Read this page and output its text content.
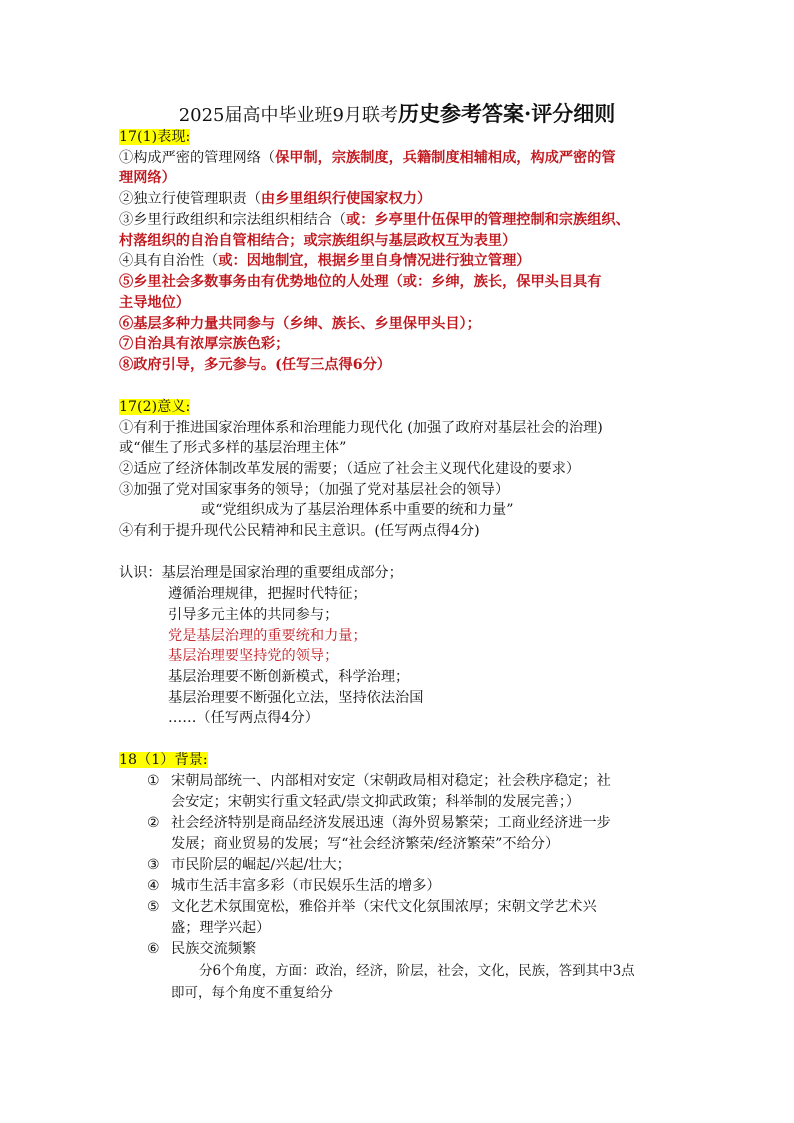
2025届高中毕业班9月联考历史参考答案·评分细则
17(1)表现:
①构成严密的管理网络（保甲制，宗族制度，兵籍制度相辅相成，构成严密的管
理网络）
②独立行使管理职责（由乡里组织行使国家权力）
③乡里行政组织和宗法组织相结合（或：乡亭里什伍保甲的管理控制和宗族组织、
村落组织的自治自管相结合；或宗族组织与基层政权互为表里）
④具有自治性（或：因地制宜，根据乡里自身情况进行独立管理）
⑤乡里社会多数事务由有优势地位的人处理（或：乡绅，族长，保甲头目具有
主导地位）
⑥基层多种力量共同参与（乡绅、族长、乡里保甲头目）；
⑦自治具有浓厚宗族色彩；
⑧政府引导，多元参与。(任写三点得6分）
17(2)意义:
①有利于推进国家治理体系和治理能力现代化 (加强了政府对基层社会的治理)
或“催生了形式多样的基层治理主体”
②适应了经济体制改革发展的需要；（适应了社会主义现代化建设的要求）
③加强了党对国家事务的领导；（加强了党对基层社会的领导）
或“党组织成为了基层治理体系中重要的统和力量”
④有利于提升现代公民精神和民主意识。(任写两点得4分)
认识：基层治理是国家治理的重要组成部分；
遵循治理规律，把握时代特征；
引导多元主体的共同参与；
党是基层治理的重要统和力量；
基层治理要坚持党的领导；
基层治理要不断创新模式，科学治理；
基层治理要不断强化立法，坚持依法治国
……（任写两点得4分）
18（1）背景:
① 宋朝局部统一、内部相对安定（宋朝政局相对稳定；社会秩序稳定；社
会安定；宋朝实行重文轻武/崇文抑武政策；科举制的发展完善；）
② 社会经济特别是商品经济发展迅速（海外贸易繁荣；工商业经济进一步
发展；商业贸易的发展；写“社会经济繁荣/经济繁荣”不给分）
③ 市民阶层的崛起/兴起/壮大；
④ 城市生活丰富多彩（市民娱乐生活的增多）
⑤ 文化艺术氛围宽松，雅俗并举（宋代文化氛围浓厚；宋朝文学艺术兴
盛；理学兴起）
⑥ 民族交流频繁
分6个角度，方面：政治，经济，阶层，社会，文化，民族，答到其中3点
即可，每个角度不重复给分
